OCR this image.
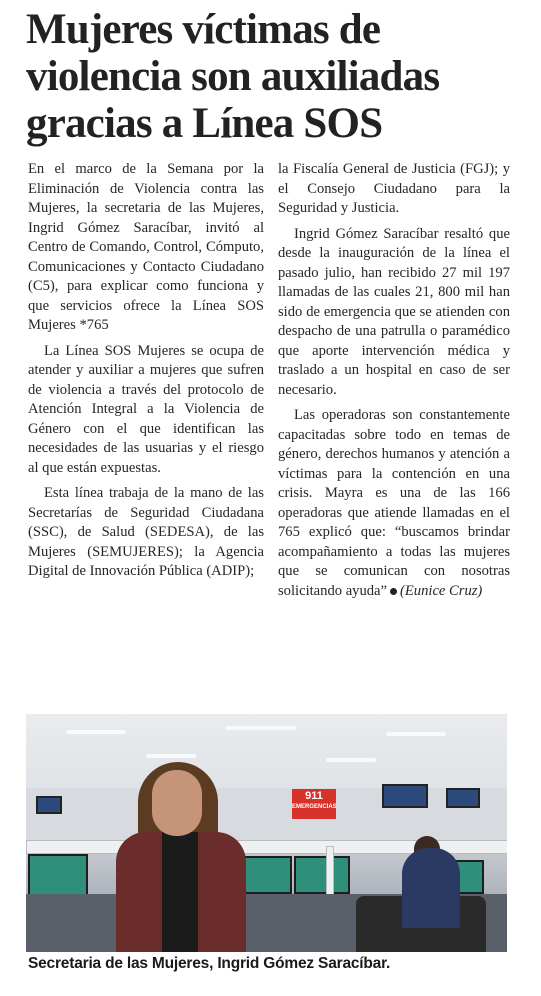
Mujeres víctimas de violencia son auxiliadas gracias a Línea SOS

En el marco de la Semana por la Eliminación de Violencia contra las Mujeres, la secretaria de las Mujeres, Ingrid Gómez Saracíbar, invitó al Centro de Comando, Control, Cómputo, Comunicaciones y Contacto Ciudadano (C5), para explicar como funciona y que servicios ofrece la Línea SOS Mujeres *765

La Línea SOS Mujeres se ocupa de atender y auxiliar a mujeres que sufren de violencia a través del protocolo de Atención Integral a la Violencia de Género con el que identifican las necesidades de las usuarias y el riesgo al que están expuestas.

Esta línea trabaja de la mano de las Secretarías de Seguridad Ciudadana (SSC), de Salud (SEDESA), de las Mujeres (SEMUJERES); la Agencia Digital de Innovación Pública (ADIP);

la Fiscalía General de Justicia (FGJ); y el Consejo Ciudadano para la Seguridad y Justicia.

Ingrid Gómez Saracíbar resaltó que desde la inauguración de la línea el pasado julio, han recibido 27 mil 197 llamadas de las cuales 21, 800 mil han sido de emergencia que se atienden con despacho de una patrulla o paramédico que aporte intervención médica y traslado a un hospital en caso de ser necesario.

Las operadoras son constantemente capacitadas sobre todo en temas de género, derechos humanos y atención a víctimas para la contención en una crisis. Mayra es una de las 166 operadoras que atiende llamadas en el 765 explicó que: “buscamos brindar acompañamiento a todas las mujeres que se comunican con nosotras solicitando ayuda” (Eunice Cruz)

911
EMERGENCIAS

Secretaria de las Mujeres, Ingrid Gómez Saracíbar.
